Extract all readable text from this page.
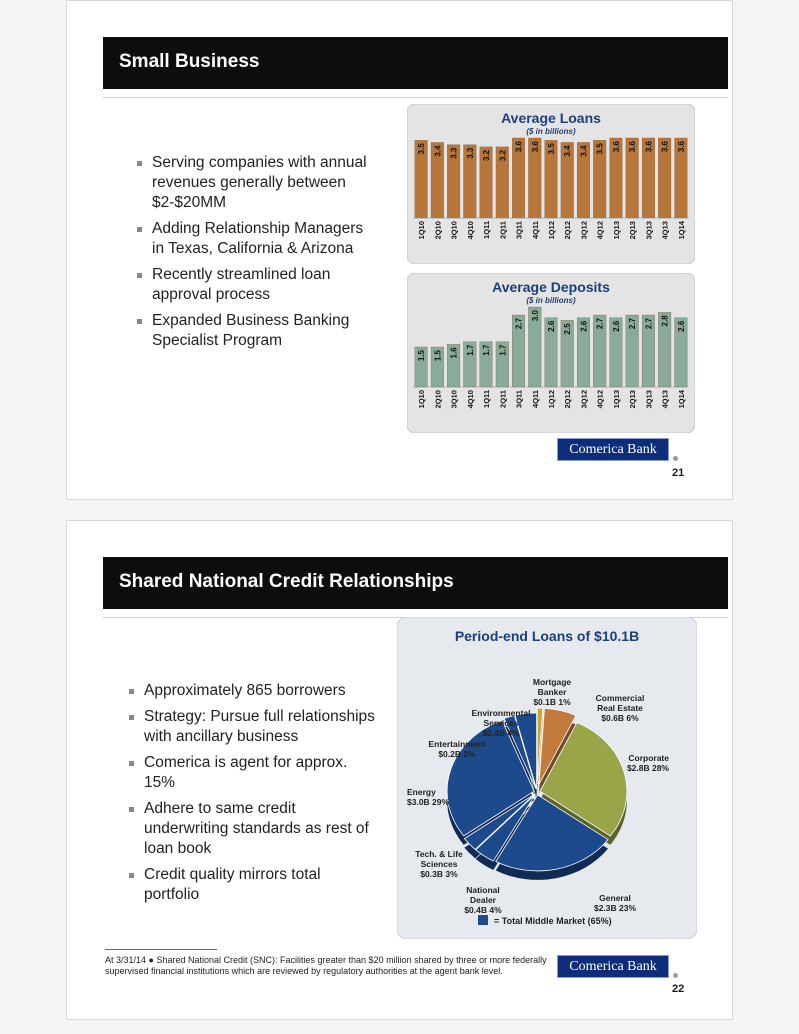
Small Business
Serving companies with annual revenues generally between $2-$20MM
Adding Relationship Managers in Texas, California & Arizona
Recently streamlined loan approval process
Expanded Business Banking Specialist Program
Average Loans
($ in billions)
3.5
1Q10
3.4
2Q10
3.3
3Q10
3.3
4Q10
3.2
1Q11
3.2
2Q11
3.6
3Q11
3.6
4Q11
3.5
1Q12
3.4
2Q12
3.4
3Q12
3.5
4Q12
3.6
1Q13
3.6
2Q13
3.6
3Q13
3.6
4Q13
3.6
1Q14
Average Deposits
($ in billions)
1.5
1Q10
1.5
2Q10
1.6
3Q10
1.7
4Q10
1.7
1Q11
1.7
2Q11
2.7
3Q11
3.0
4Q11
2.6
1Q12
2.5
2Q12
2.6
3Q12
2.7
4Q12
2.6
1Q13
2.7
2Q13
2.7
3Q13
2.8
4Q13
2.6
1Q14
Comerica Bank
21
Shared National Credit Relationships
Approximately 865 borrowers
Strategy: Pursue full relationships with ancillary business
Comerica is agent for approx. 15%
Adhere to same credit underwriting standards as rest of loan book
Credit quality mirrors total portfolio
Period-end Loans of $10.1B
Mortgage
Banker
$0.1B 1%	Commercial
Real Estate
$0.6B 6%
Corporate
$2.8B 28%
General
$2.3B 23%
National
Dealer
$0.4B 4%
Tech. & Life
Sciences
$0.3B 3%
Energy
$3.0B 29%
Entertainment
$0.2B 2%
Environmental
Services
$0.4B 4%
= Total Middle Market (65%)
At 3/31/14 ● Shared National Credit (SNC): Facilities greater than $20 million shared by three or more federally supervised financial institutions which are reviewed by regulatory authorities at the agent bank level.	Comerica Bank
22
